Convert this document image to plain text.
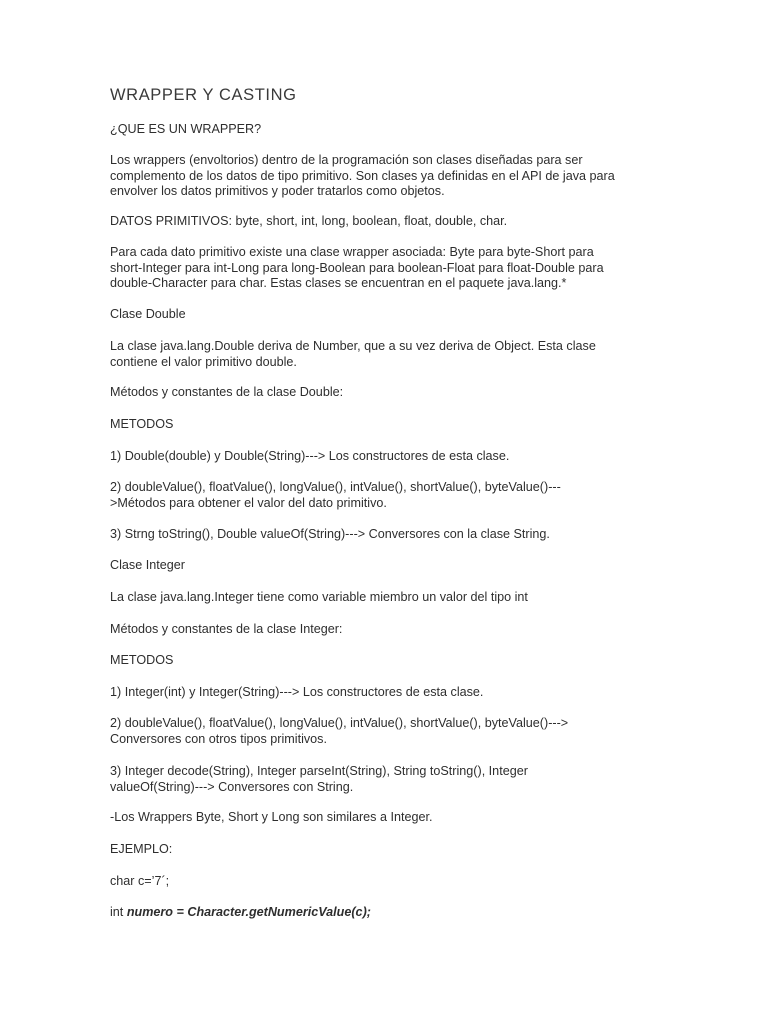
WRAPPER Y CASTING
¿QUE ES UN WRAPPER?
Los wrappers (envoltorios) dentro de la programación son clases diseñadas para ser
complemento de los datos de tipo primitivo. Son clases ya definidas en el API de java para
envolver los datos primitivos y poder tratarlos como objetos.
DATOS PRIMITIVOS: byte, short, int, long, boolean, float, double, char.
Para cada dato primitivo existe una clase wrapper asociada: Byte para byte-Short para
short-Integer para int-Long para long-Boolean para boolean-Float para float-Double para
double-Character para char. Estas clases se encuentran en el paquete java.lang.*
Clase Double
La clase java.lang.Double deriva de Number, que a su vez deriva de Object. Esta clase
contiene el valor primitivo double.
Métodos y constantes de la clase Double:
METODOS
1) Double(double) y Double(String)---> Los constructores de esta clase.
2) doubleValue(), floatValue(), longValue(), intValue(), shortValue(), byteValue()---
>Métodos para obtener el valor del dato primitivo.
3) Strng toString(), Double valueOf(String)---> Conversores con la clase String.
Clase Integer
La clase java.lang.Integer tiene como variable miembro un valor del tipo int
Métodos y constantes de la clase Integer:
METODOS
1) Integer(int) y Integer(String)---> Los constructores de esta clase.
2) doubleValue(), floatValue(), longValue(), intValue(), shortValue(), byteValue()--->
Conversores con otros tipos primitivos.
3) Integer decode(String), Integer parseInt(String), String toString(), Integer
valueOf(String)---> Conversores con String.
-Los Wrappers Byte, Short y Long son similares a Integer.
EJEMPLO:
char c=’7´;
int numero = Character.getNumericValue(c);
